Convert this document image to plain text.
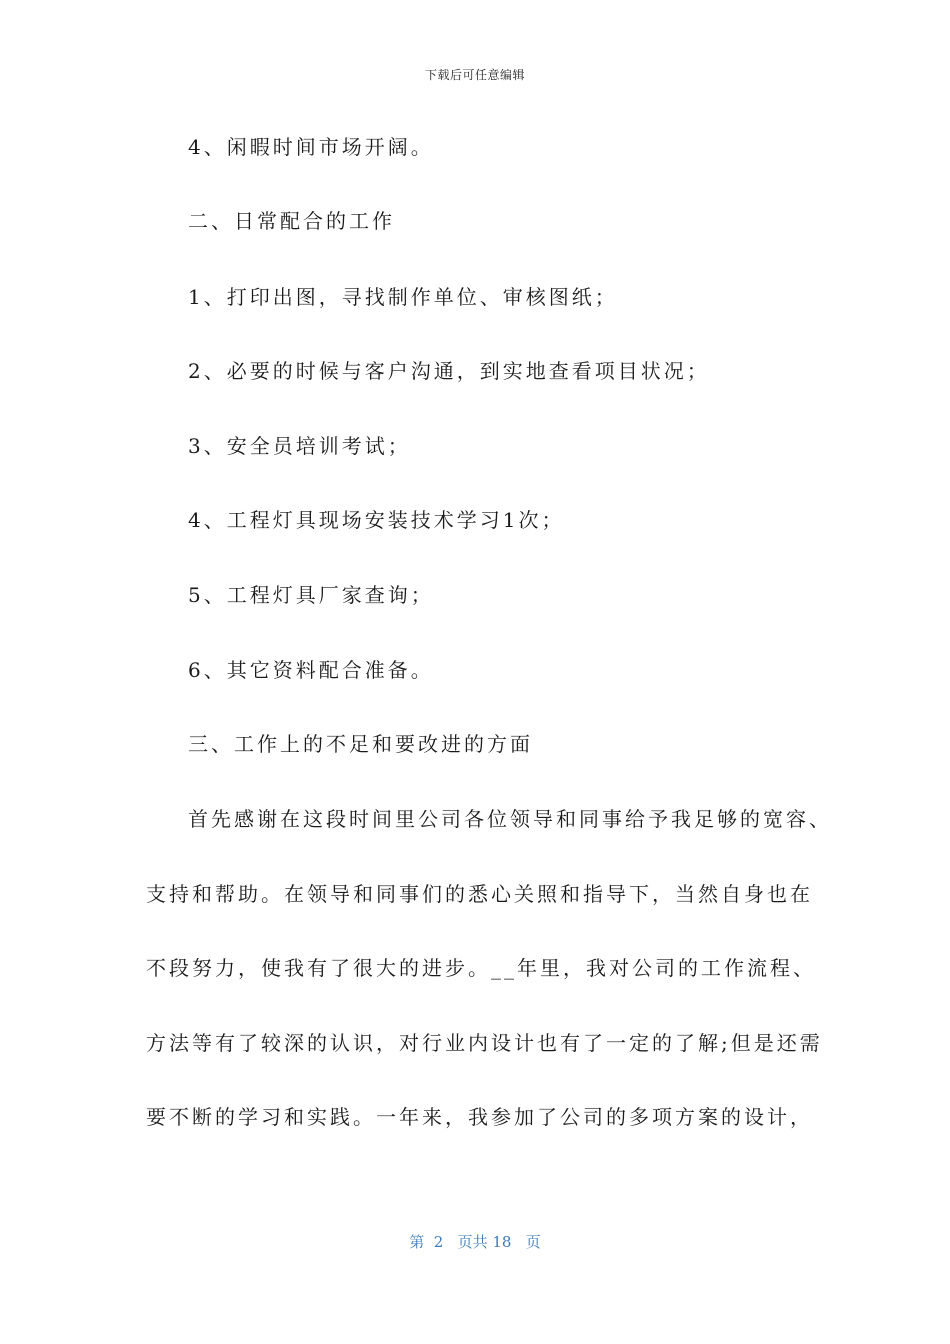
下载后可任意编辑
4、闲暇时间市场开阔。
二、日常配合的工作
1、打印出图，寻找制作单位、审核图纸；
2、必要的时候与客户沟通，到实地查看项目状况；
3、安全员培训考试；
4、工程灯具现场安装技术学习1次；
5、工程灯具厂家查询；
6、其它资料配合准备。
三、工作上的不足和要改进的方面
首先感谢在这段时间里公司各位领导和同事给予我足够的宽容、
支持和帮助。在领导和同事们的悉心关照和指导下，当然自身也在
不段努力，使我有了很大的进步。__年里，我对公司的工作流程、
方法等有了较深的认识，对行业内设计也有了一定的了解;但是还需
要不断的学习和实践。一年来，我参加了公司的多项方案的设计，
第  2   页共 18   页
